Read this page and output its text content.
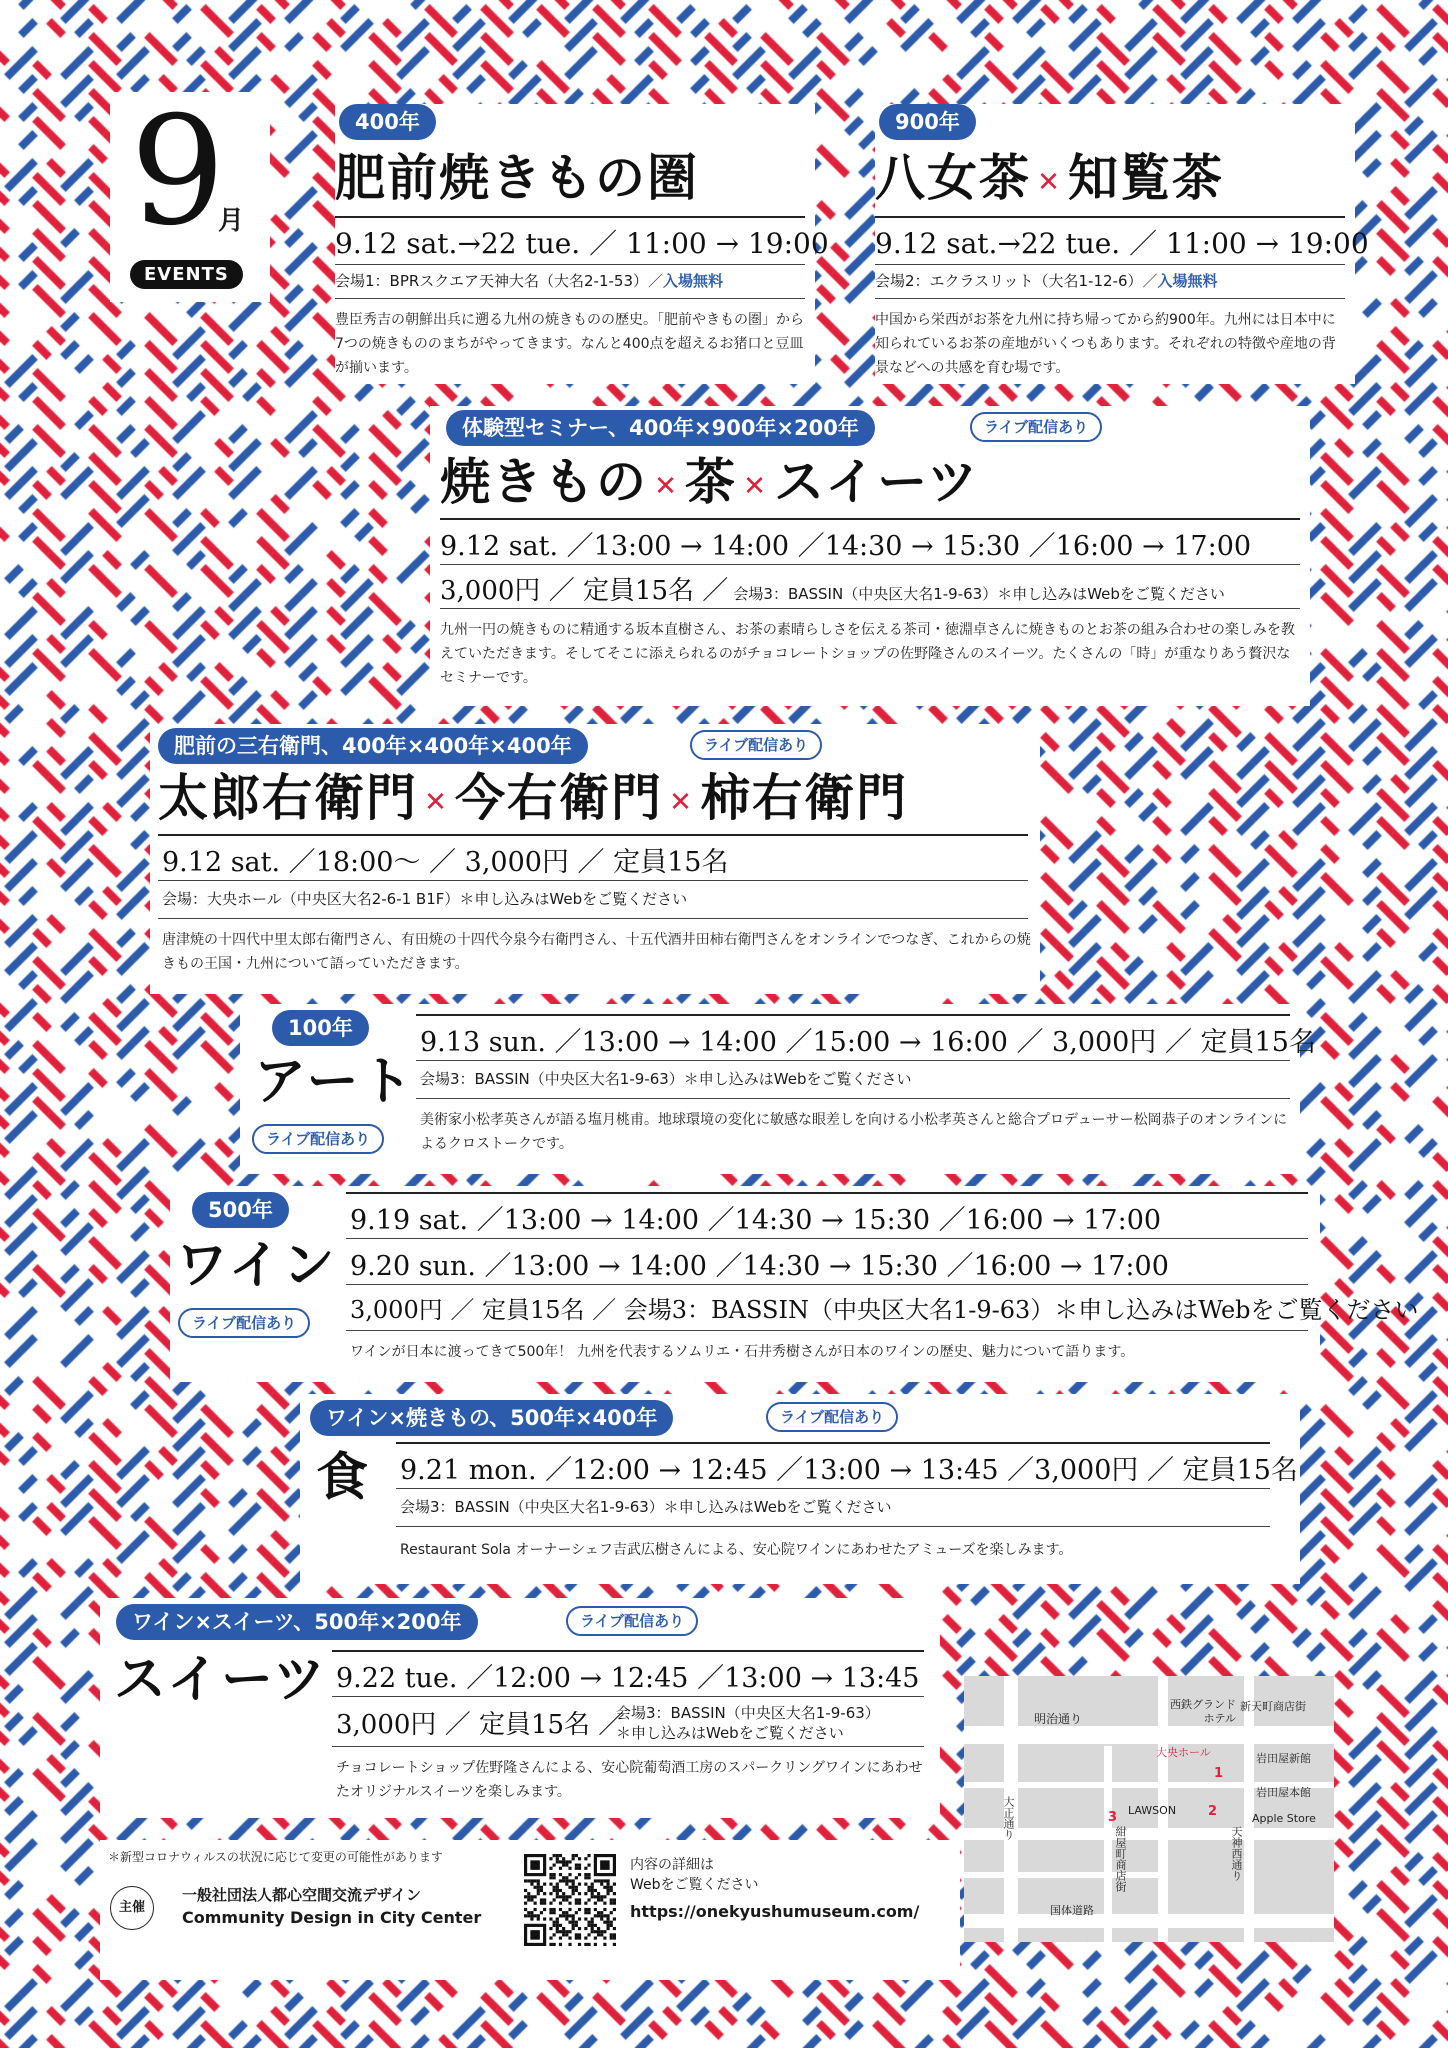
9
月
EVENTS
400年
肥前焼きもの圏
9.12 sat.→22 tue. ／ 11:00 → 19:00
会場1：BPRスクエア天神大名（大名2-1-53）／入場無料
豊臣秀吉の朝鮮出兵に遡る九州の焼きものの歴史。「肥前やきもの圏」から7つの焼きもののまちがやってきます。なんと400点を超えるお猪口と豆皿が揃います。
900年
八女茶 ✕ 知覧茶
9.12 sat.→22 tue. ／ 11:00 → 19:00
会場2：エクラスリット（大名1-12-6）／入場無料
中国から栄西がお茶を九州に持ち帰ってから約900年。九州には日本中に知られているお茶の産地がいくつもあります。それぞれの特徴や産地の背景などへの共感を育む場です。
体験型セミナー、400年×900年×200年	ライブ配信あり
焼きもの ✕ 茶 ✕ スイーツ
9.12 sat. ／13:00 → 14:00 ／14:30 → 15:30 ／16:00 → 17:00
3,000円 ／ 定員15名 ／ 会場3：BASSIN（中央区大名1-9-63）＊申し込みはWebをご覧ください
九州一円の焼きものに精通する坂本直樹さん、お茶の素晴らしさを伝える茶司・徳淵卓さんに焼きものとお茶の組み合わせの楽しみを教えていただきます。そしてそこに添えられるのがチョコレートショップの佐野隆さんのスイーツ。たくさんの「時」が重なりあう贅沢なセミナーです。
肥前の三右衛門、400年×400年×400年	ライブ配信あり
太郎右衛門 ✕ 今右衛門 ✕ 柿右衛門
9.12 sat. ／18:00〜 ／ 3,000円 ／ 定員15名
会場：大央ホール（中央区大名2-6-1 B1F）＊申し込みはWebをご覧ください
唐津焼の十四代中里太郎右衛門さん、有田焼の十四代今泉今右衛門さん、十五代酒井田柿右衛門さんをオンラインでつなぎ、これからの焼きもの王国・九州について語っていただきます。
100年
アート
ライブ配信あり
9.13 sun. ／13:00 → 14:00 ／15:00 → 16:00 ／ 3,000円 ／ 定員15名
会場3：BASSIN（中央区大名1-9-63）＊申し込みはWebをご覧ください
美術家小松孝英さんが語る塩月桃甫。地球環境の変化に敏感な眼差しを向ける小松孝英さんと総合プロデューサー松岡恭子のオンラインによるクロストークです。
500年
ワイン
ライブ配信あり
9.19 sat. ／13:00 → 14:00 ／14:30 → 15:30 ／16:00 → 17:00
9.20 sun. ／13:00 → 14:00 ／14:30 → 15:30 ／16:00 → 17:00
3,000円 ／ 定員15名 ／ 会場3：BASSIN（中央区大名1-9-63）＊申し込みはWebをご覧ください
ワインが日本に渡ってきて500年！ 九州を代表するソムリエ・石井秀樹さんが日本のワインの歴史、魅力について語ります。
ワイン×焼きもの、500年×400年	ライブ配信あり
食 9.21 mon. ／12:00 → 12:45 ／13:00 → 13:45 ／3,000円 ／ 定員15名
会場3：BASSIN（中央区大名1-9-63）＊申し込みはWebをご覧ください
Restaurant Sola オーナーシェフ吉武広樹さんによる、安心院ワインにあわせたアミューズを楽しみます。
ワイン×スイーツ、500年×200年	ライブ配信あり
スイーツ 9.22 tue. ／12:00 → 12:45 ／13:00 → 13:45
3,000円 ／ 定員15名 ／
会場3：BASSIN（中央区大名1-9-63）
＊申し込みはWebをご覧ください
チョコレートショップ佐野隆さんによる、安心院葡萄酒工房のスパークリングワインにあわせたオリジナルスイーツを楽しみます。
＊新型コロナウィルスの状況に応じて変更の可能性があります
主催
一般社団法人都心空間交流デザイン
Community Design in City Center
内容の詳細は
Webをご覧ください
https://onekyushumuseum.com/
明治通り
西鉄グランドホテル
新天町商店街
大央ホール	岩田屋新館
岩田屋本館
LAWSON
Apple Store
大正通り
紺屋町商店街	天神西通り
国体道路
1
2
3
